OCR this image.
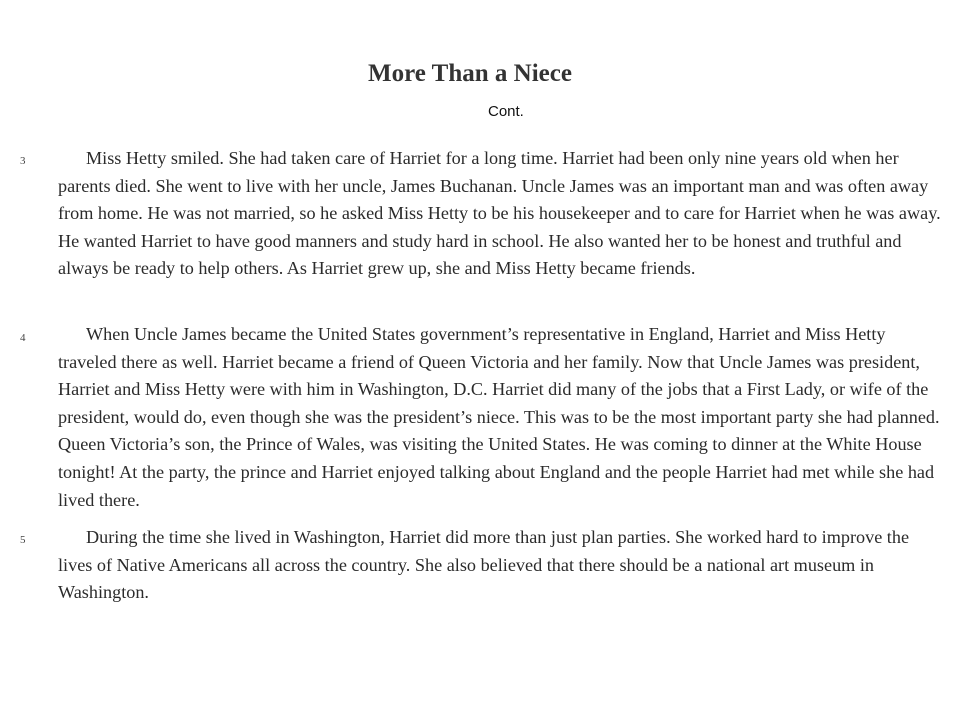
More Than a Niece
Cont.
3	Miss Hetty smiled. She had taken care of Harriet for a long time. Harriet had been only nine years old when her parents died. She went to live with her uncle, James Buchanan. Uncle James was an important man and was often away from home. He was not married, so he asked Miss Hetty to be his housekeeper and to care for Harriet when he was away. He wanted Harriet to have good manners and study hard in school. He also wanted her to be honest and truthful and always be ready to help others. As Harriet grew up, she and Miss Hetty became friends.

4	When Uncle James became the United States government’s representative in England, Harriet and Miss Hetty traveled there as well. Harriet became a friend of Queen Victoria and her family. Now that Uncle James was president, Harriet and Miss Hetty were with him in Washington, D.C. Harriet did many of the jobs that a First Lady, or wife of the president, would do, even though she was the president’s niece. This was to be the most important party she had planned. Queen Victoria’s son, the Prince of Wales, was visiting the United States. He was coming to dinner at the White House tonight! At the party, the prince and Harriet enjoyed talking about England and the people Harriet had met while she had lived there.

5	During the time she lived in Washington, Harriet did more than just plan parties. She worked hard to improve the lives of Native Americans all across the country. She also believed that there should be a national art museum in Washington.
